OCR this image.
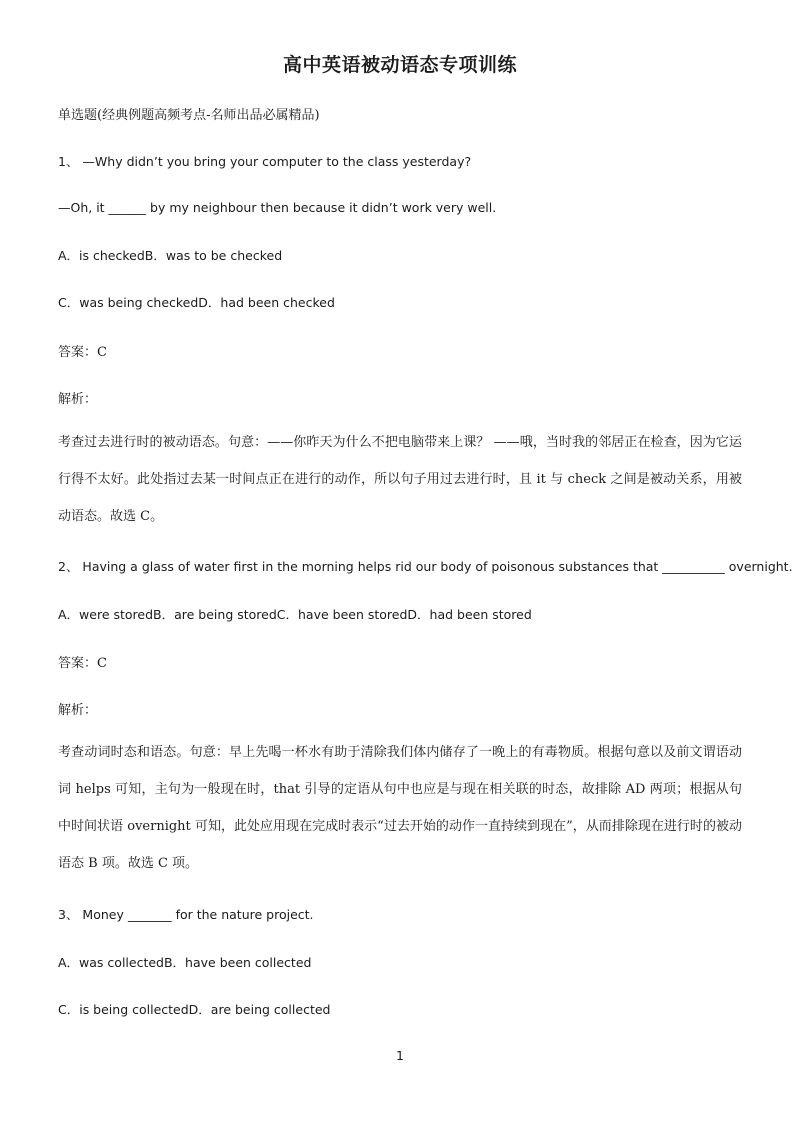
高中英语被动语态专项训练
单选题(经典例题高频考点-名师出品必属精品)
1、 —Why didn’t you bring your computer to the class yesterday?
—Oh, it ______ by my neighbour then because it didn’t work very well.
A．is checkedB．was to be checked
C．was being checkedD．had been checked
答案：C
解析：
考查过去进行时的被动语态。句意：——你昨天为什么不把电脑带来上课？ ——哦，当时我的邻居正在检查，因为它运行得不太好。此处指过去某一时间点正在进行的动作，所以句子用过去进行时，且 it 与 check 之间是被动关系，用被动语态。故选 C。
2、 Having a glass of water first in the morning helps rid our body of poisonous substances that __________ overnight.
A．were storedB．are being storedC．have been storedD．had been stored
答案：C
解析：
考查动词时态和语态。句意：早上先喝一杯水有助于清除我们体内储存了一晚上的有毒物质。根据句意以及前文谓语动词 helps 可知，主句为一般现在时，that 引导的定语从句中也应是与现在相关联的时态，故排除 AD 两项；根据从句中时间状语 overnight 可知，此处应用现在完成时表示“过去开始的动作一直持续到现在”，从而排除现在进行时的被动语态 B 项。故选 C 项。
3、 Money _______ for the nature project.
A．was collectedB．have been collected
C．is being collectedD．are being collected
1
